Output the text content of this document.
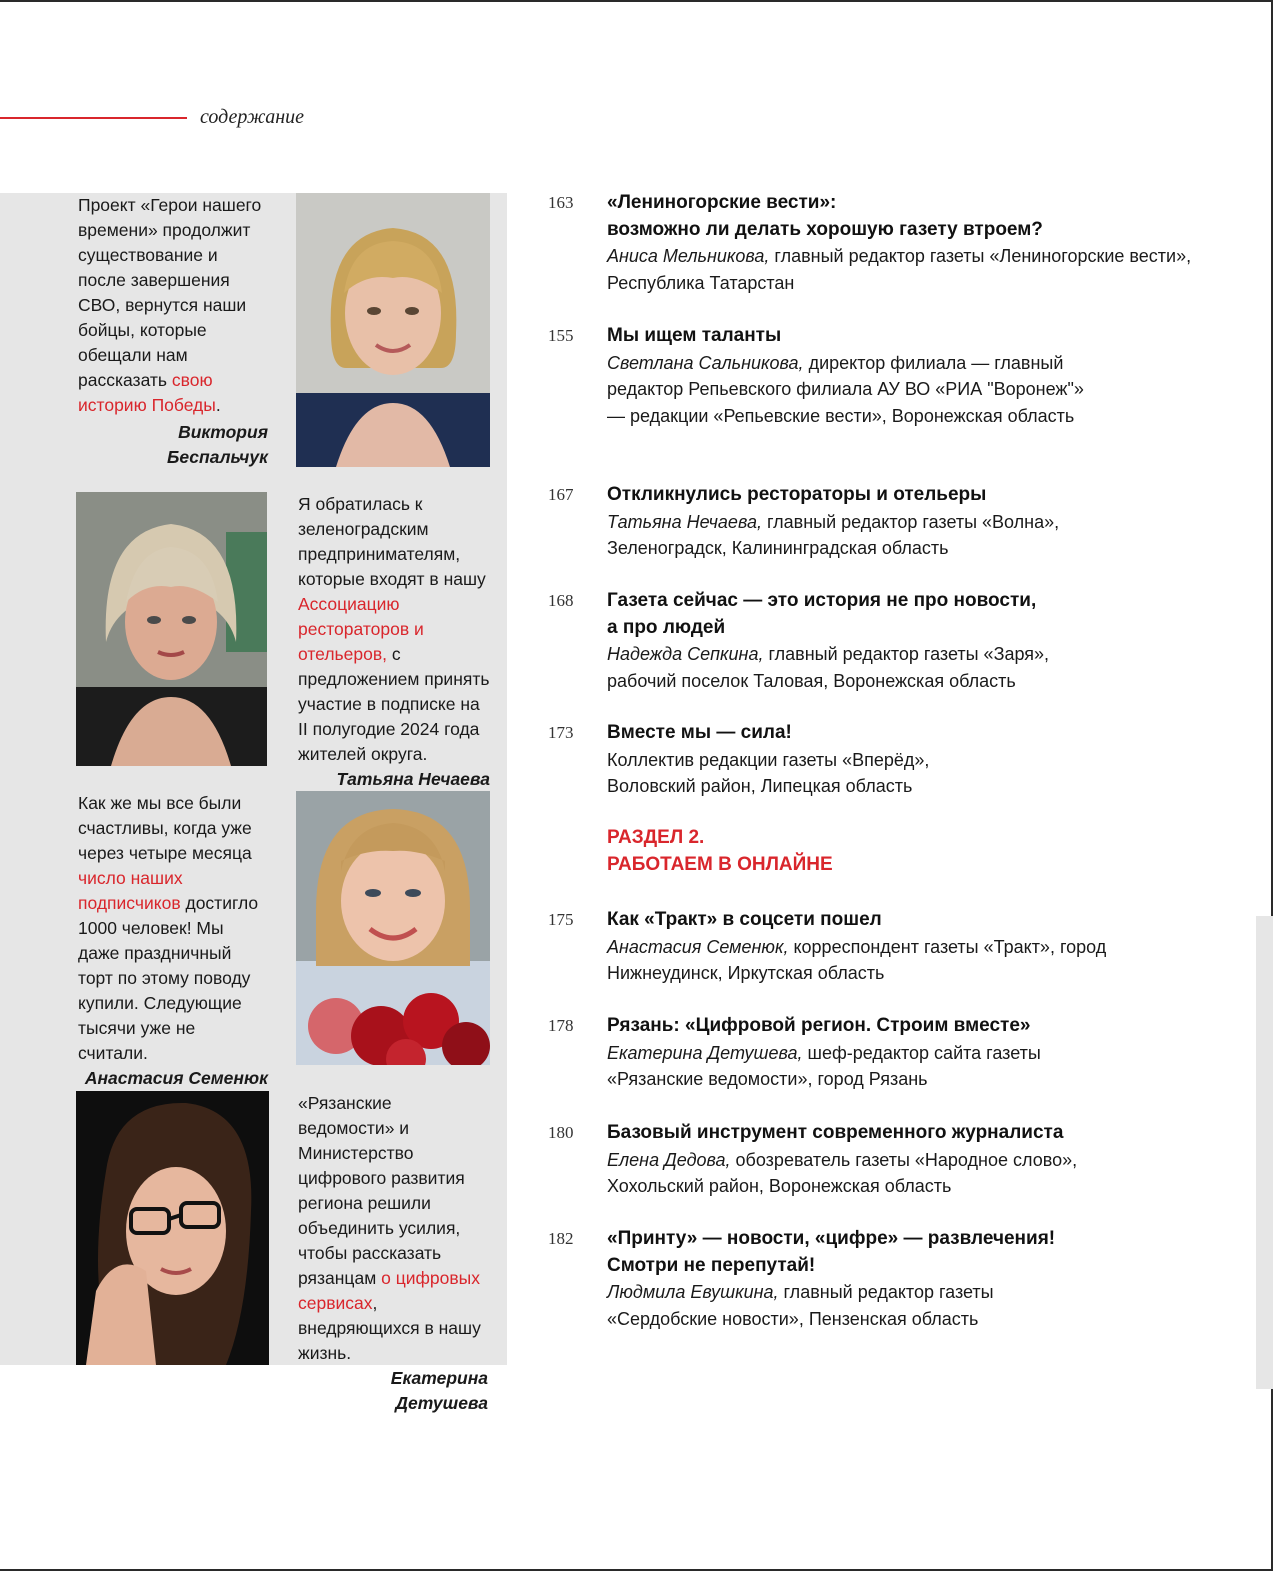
содержание
Проект «Герои нашего времени» продолжит существование и после завершения СВО, вернутся наши бойцы, которые обещали нам рассказать свою историю Победы.
Виктория
Беспальчук
Я обратилась к зеленоградским предпринимателям, которые входят в нашу Ассоциацию рестораторов и отельеров, с предложением принять участие в подписке на II полугодие 2024 года жителей округа.
Татьяна Нечаева
Как же мы все были счастливы, когда уже через четыре месяца число наших подписчиков достигло 1000 человек! Мы даже праздничный торт по этому поводу купили. Следующие тысячи уже не считали.
Анастасия Семенюк
«Рязанские ведомости» и Министерство цифрового развития региона решили объединить усилия, чтобы рассказать рязанцам о цифровых сервисах, внедряющихся в нашу жизнь.
Екатерина
Детушева
163 «Лениногорские вести»:
возможно ли делать хорошую газету втроем?
Аниса Мельникова, главный редактор газеты «Лениногорские вести», Республика Татарстан
155 Мы ищем таланты
Светлана Сальникова, директор филиала — главный редактор Репьевского филиала АУ ВО «РИА "Воронеж"» — редакции «Репьевские вести», Воронежская область
167 Откликнулись рестораторы и отельеры
Татьяна Нечаева, главный редактор газеты «Волна», Зеленоградск, Калининградская область
168 Газета сейчас — это история не про новости,
а про людей
Надежда Сепкина, главный редактор газеты «Заря», рабочий поселок Таловая, Воронежская область
173 Вместе мы — сила!
Коллектив редакции газеты «Вперёд», Воловский район, Липецкая область
РАЗДЕЛ 2.
РАБОТАЕМ В ОНЛАЙНЕ
175 Как «Тракт» в соцсети пошел
Анастасия Семенюк, корреспондент газеты «Тракт», город Нижнеудинск, Иркутская область
178 Рязань: «Цифровой регион. Строим вместе»
Екатерина Детушева, шеф-редактор сайта газеты «Рязанские ведомости», город Рязань
180 Базовый инструмент современного журналиста
Елена Дедова, обозреватель газеты «Народное слово», Хохольский район, Воронежская область
182 «Принту» — новости, «цифре» — развлечения!
Смотри не перепутай!
Людмила Евушкина, главный редактор газеты «Сердобские новости», Пензенская область
